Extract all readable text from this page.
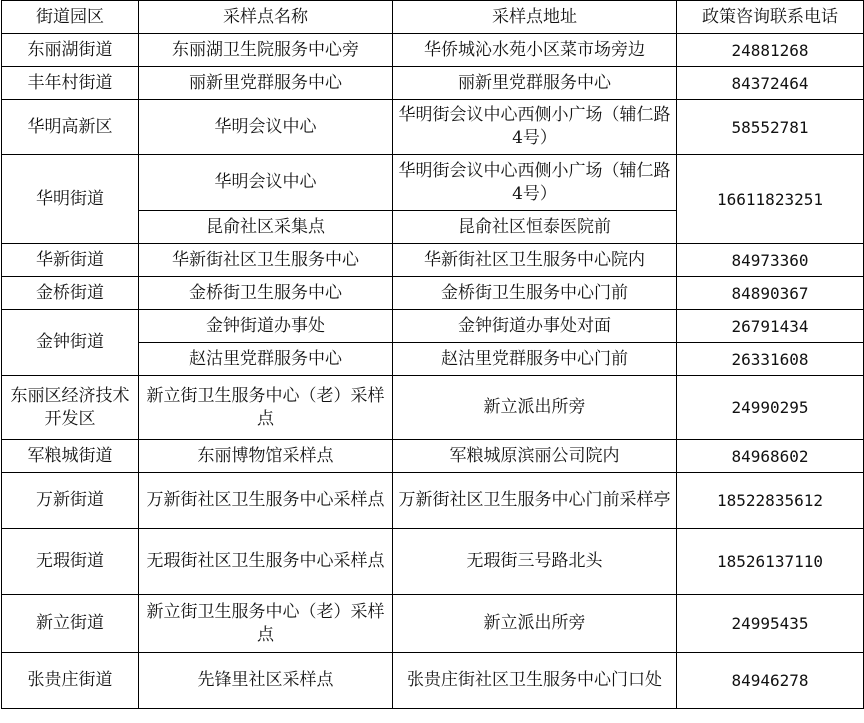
街道园区	采样点名称	采样点地址	政策咨询联系电话
东丽湖街道	东丽湖卫生院服务中心旁	华侨城沁水苑小区菜市场旁边	24881268
丰年村街道	丽新里党群服务中心	丽新里党群服务中心	84372464
华明高新区	华明会议中心	华明街会议中心西侧小广场（辅仁路4号）	58552781
华明街道	华明会议中心	华明街会议中心西侧小广场（辅仁路4号）	16611823251
	昆俞社区采集点	昆俞社区恒泰医院前	
华新街道	华新街社区卫生服务中心	华新街社区卫生服务中心院内	84973360
金桥街道	金桥街卫生服务中心	金桥街卫生服务中心门前	84890367
金钟街道	金钟街道办事处	金钟街道办事处对面	26791434
	赵沽里党群服务中心	赵沽里党群服务中心门前	26331608
东丽区经济技术开发区	新立街卫生服务中心（老）采样点	新立派出所旁	24990295
军粮城街道	东丽博物馆采样点	军粮城原滨丽公司院内	84968602
万新街道	万新街社区卫生服务中心采样点	万新街社区卫生服务中心门前采样亭	18522835612
无瑕街道	无瑕街社区卫生服务中心采样点	无瑕街三号路北头	18526137110
新立街道	新立街卫生服务中心（老）采样点	新立派出所旁	24995435
张贵庄街道	先锋里社区采样点	张贵庄街社区卫生服务中心门口处	84946278
